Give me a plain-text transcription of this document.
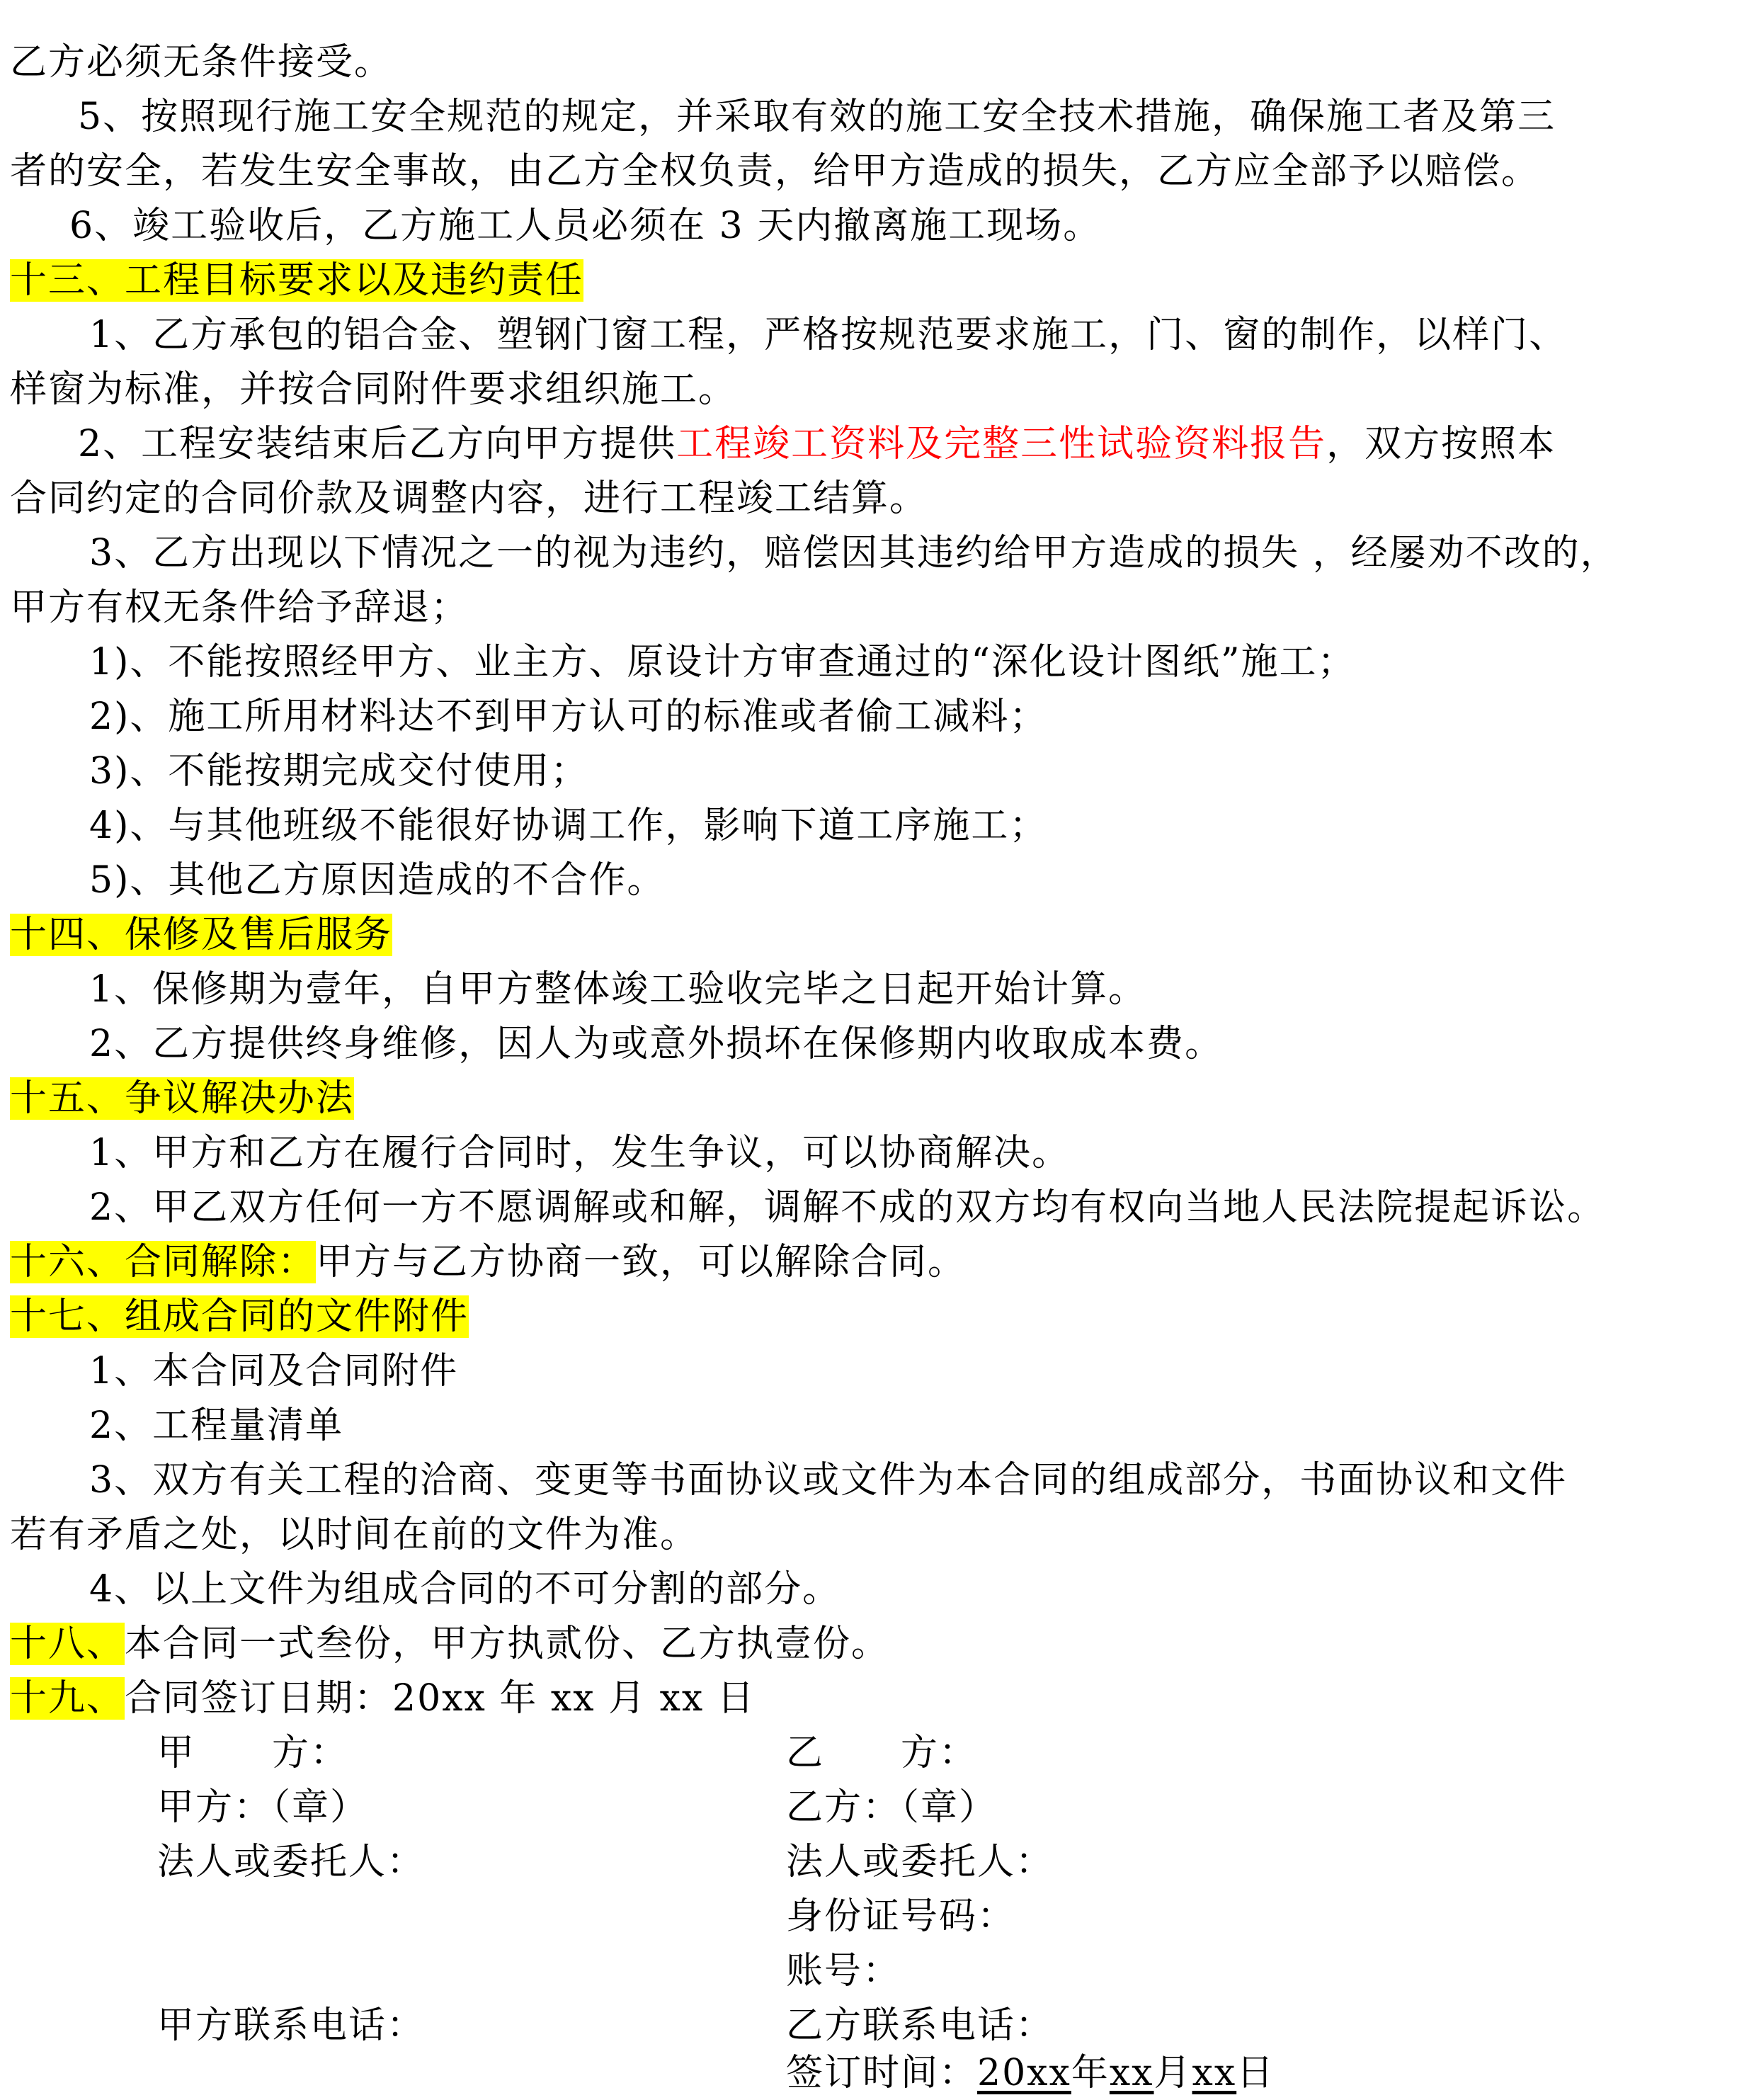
乙方必须无条件接受。
5、按照现行施工安全规范的规定，并采取有效的施工安全技术措施，确保施工者及第三
者的安全，若发生安全事故，由乙方全权负责，给甲方造成的损失，乙方应全部予以赔偿。
6、竣工验收后，乙方施工人员必须在 3 天内撤离施工现场。
十三、工程目标要求以及违约责任
1、乙方承包的铝合金、塑钢门窗工程，严格按规范要求施工，门、窗的制作，以样门、
样窗为标准，并按合同附件要求组织施工。
2、工程安装结束后乙方向甲方提供工程竣工资料及完整三性试验资料报告，双方按照本
合同约定的合同价款及调整内容，进行工程竣工结算。
3、乙方出现以下情况之一的视为违约，赔偿因其违约给甲方造成的损失 ，经屡劝不改的，
甲方有权无条件给予辞退；
1)、不能按照经甲方、业主方、原设计方审查通过的“深化设计图纸”施工；
2)、施工所用材料达不到甲方认可的标准或者偷工减料；
3)、不能按期完成交付使用；
4)、与其他班级不能很好协调工作，影响下道工序施工；
5)、其他乙方原因造成的不合作。
十四、保修及售后服务
1、保修期为壹年，自甲方整体竣工验收完毕之日起开始计算。
2、乙方提供终身维修，因人为或意外损坏在保修期内收取成本费。
十五、争议解决办法
1、甲方和乙方在履行合同时，发生争议，可以协商解决。
2、甲乙双方任何一方不愿调解或和解，调解不成的双方均有权向当地人民法院提起诉讼。
十六、合同解除：甲方与乙方协商一致，可以解除合同。
十七、组成合同的文件附件
1、本合同及合同附件
2、工程量清单
3、双方有关工程的洽商、变更等书面协议或文件为本合同的组成部分，书面协议和文件
若有矛盾之处，以时间在前的文件为准。
4、以上文件为组成合同的不可分割的部分。
十八、本合同一式叁份，甲方执贰份、乙方执壹份。
十九、合同签订日期：20xx 年 xx 月 xx 日
甲　　方：
甲方：（章）
法人或委托人：
甲方联系电话：
乙　　方：
乙方：（章）
法人或委托人：
身份证号码：
账号：
乙方联系电话：
签订时间：20xx年xx月xx日
